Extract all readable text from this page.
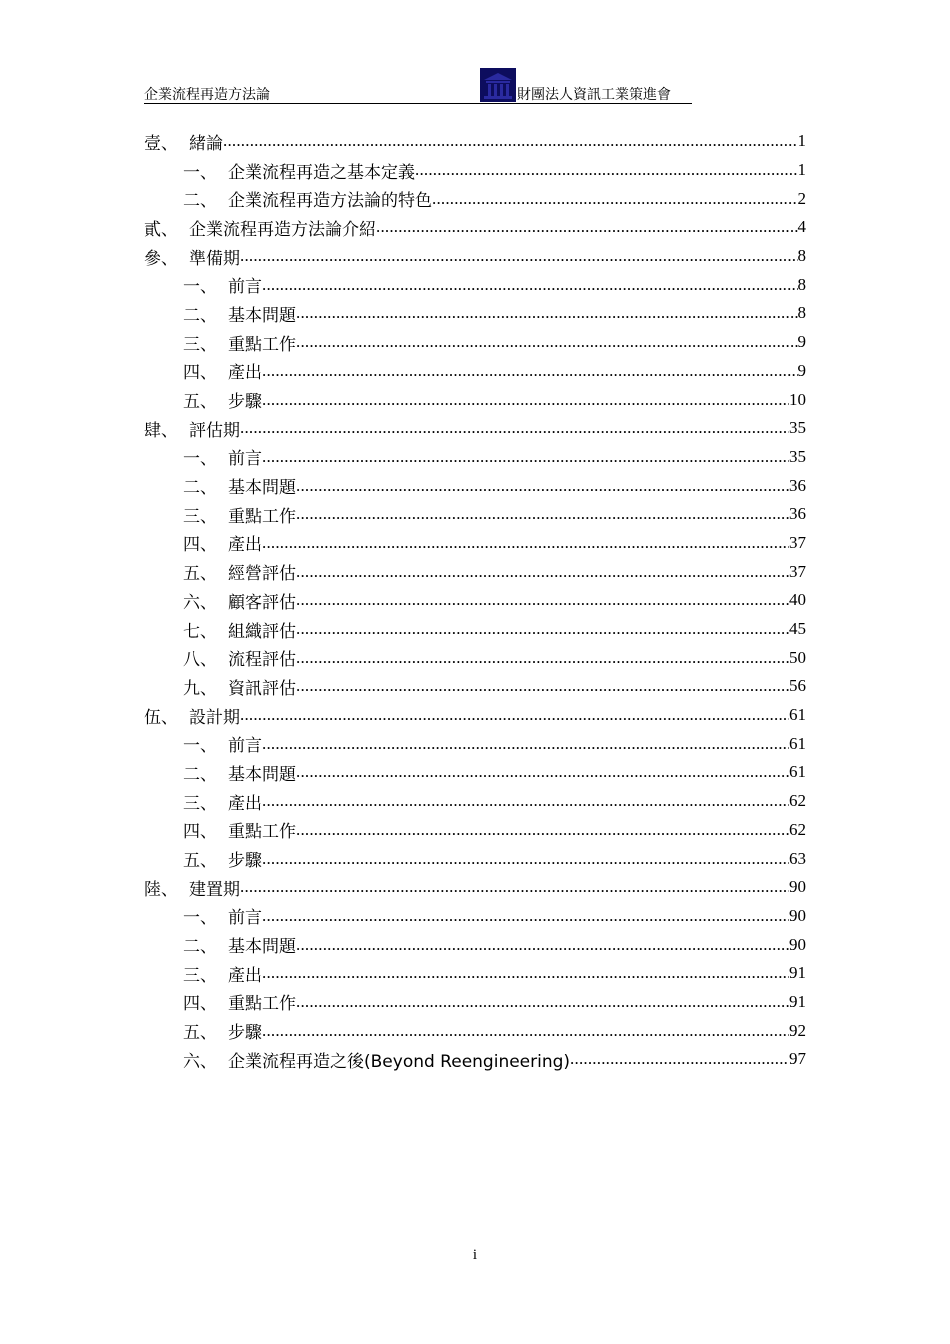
企業流程再造方法論	財團法人資訊工業策進會
壹、 緒論 .....	1
一、 企業流程再造之基本定義 .....	1
二、 企業流程再造方法論的特色 .....	2
貳、 企業流程再造方法論介紹 .....	4
參、 準備期 .....	8
一、 前言 .....	8
二、 基本問題 .....	8
三、 重點工作 .....	9
四、 產出 .....	9
五、 步驟 .....	10
肆、 評估期 .....	35
一、 前言 .....	35
二、 基本問題 .....	36
三、 重點工作 .....	36
四、 產出 .....	37
五、 經營評估 .....	37
六、 顧客評估 .....	40
七、 組織評估 .....	45
八、 流程評估 .....	50
九、 資訊評估 .....	56
伍、 設計期 .....	61
一、 前言 .....	61
二、 基本問題 .....	61
三、 產出 .....	62
四、 重點工作 .....	62
五、 步驟 .....	63
陸、 建置期 .....	90
一、 前言 .....	90
二、 基本問題 .....	90
三、 產出 .....	91
四、 重點工作 .....	91
五、 步驟 .....	92
六、 企業流程再造之後(Beyond Reengineering) .....	97
i
